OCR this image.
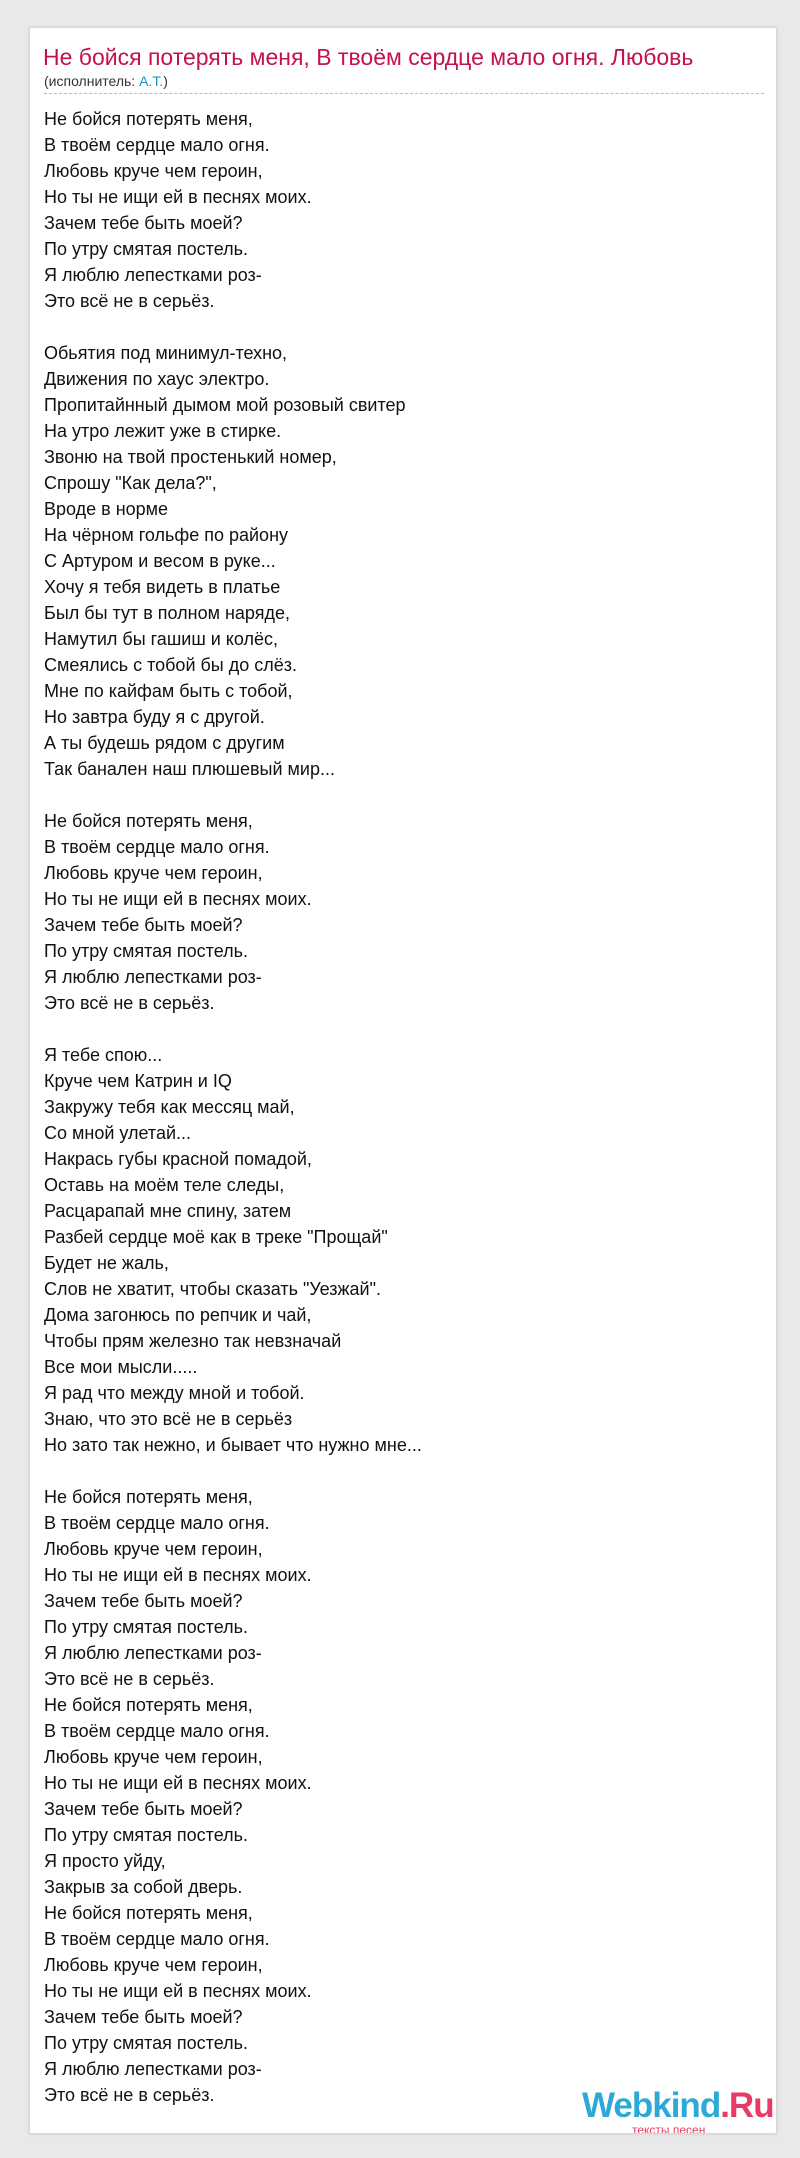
Не бойся потерять меня, В твоём сердце мало огня. Любовь
(исполнитель: А.Т.)
Не бойся потерять меня,
В твоём сердце мало огня.
Любовь круче чем героин,
Но ты не ищи ей в песнях моих.
Зачем тебе быть моей?
По утру смятая постель.
Я люблю лепестками роз-
Это всё не в серьёз.
Обьятия под минимул-техно,
Движения по хаус электро.
Пропитайнный дымом мой розовый свитер
На утро лежит уже в стирке.
Звоню на твой простенький номер,
Спрошу "Как дела?",
Вроде в норме
На чёрном гольфе по району
С Артуром и весом в руке...
Хочу я тебя видеть в платье
Был бы тут в полном наряде,
Намутил бы гашиш и колёс,
Смеялись с тобой бы до слёз.
Мне по кайфам быть с тобой,
Но завтра буду я с другой.
А ты будешь рядом с другим
Так банален наш плюшевый мир...
Не бойся потерять меня,
В твоём сердце мало огня.
Любовь круче чем героин,
Но ты не ищи ей в песнях моих.
Зачем тебе быть моей?
По утру смятая постель.
Я люблю лепестками роз-
Это всё не в серьёз.
Я тебе спою...
Круче чем Катрин и IQ
Закружу тебя как мессяц май,
Со мной улетай...
Накрась губы красной помадой,
Оставь на моём теле следы,
Расцарапай мне спину, затем
Разбей сердце моё как в треке "Прощай"
Будет не жаль,
Слов не хватит, чтобы сказать "Уезжай".
Дома загонюсь по репчик и чай,
Чтобы прям железно так невзначай
Все мои мысли.....
Я рад что между мной и тобой.
Знаю, что это всё не в серьёз
Но зато так нежно, и бывает что нужно мне...
Не бойся потерять меня,
В твоём сердце мало огня.
Любовь круче чем героин,
Но ты не ищи ей в песнях моих.
Зачем тебе быть моей?
По утру смятая постель.
Я люблю лепестками роз-
Это всё не в серьёз.
Не бойся потерять меня,
В твоём сердце мало огня.
Любовь круче чем героин,
Но ты не ищи ей в песнях моих.
Зачем тебе быть моей?
По утру смятая постель.
Я просто уйду,
Закрыв за собой дверь.
Не бойся потерять меня,
В твоём сердце мало огня.
Любовь круче чем героин,
Но ты не ищи ей в песнях моих.
Зачем тебе быть моей?
По утру смятая постель.
Я люблю лепестками роз-
Это всё не в серьёз.	Webkind.Ru
тексты песен
